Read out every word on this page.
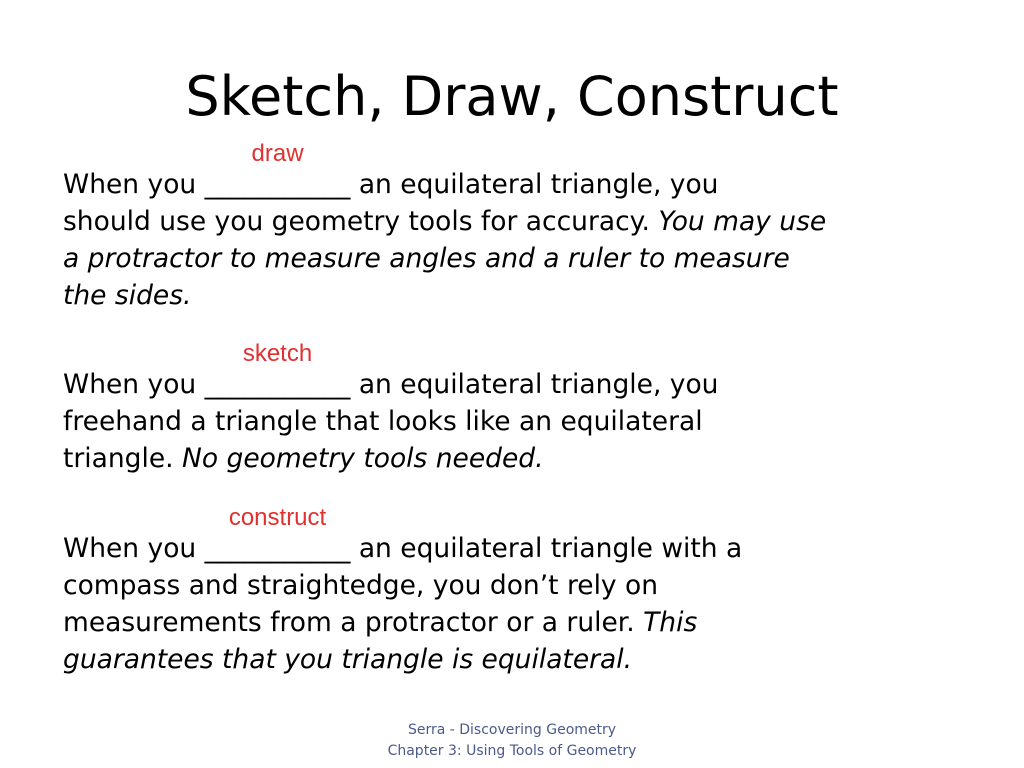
Sketch, Draw, Construct
When you
draw
___________ an equilateral triangle, you
should use you geometry tools for accuracy. You may use
a protractor to measure angles and a ruler to measure
the sides.
When you
sketch
___________ an equilateral triangle, you
freehand a triangle that looks like an equilateral
triangle. No geometry tools needed.
When you
construct
___________ an equilateral triangle with a
compass and straightedge, you don’t rely on
measurements from a protractor or a ruler. This
guarantees that you triangle is equilateral.
Serra - Discovering Geometry
Chapter 3: Using Tools of Geometry
